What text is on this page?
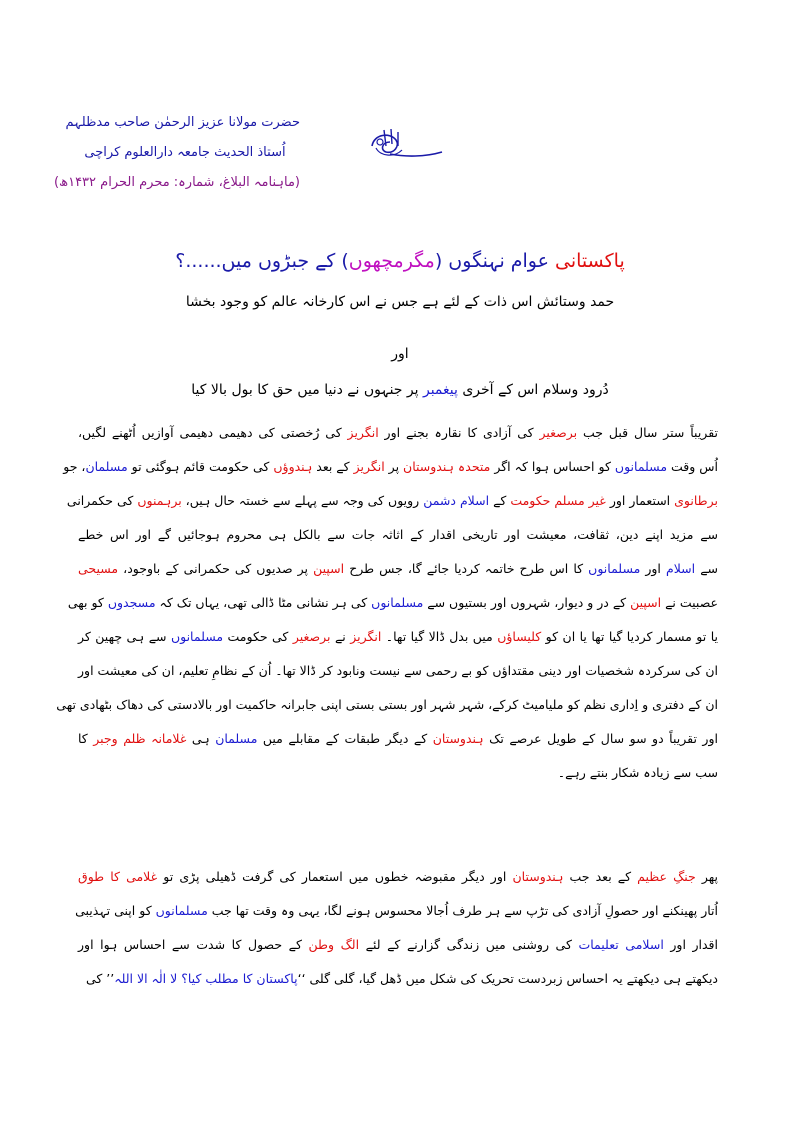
حضرت مولانا عزیز الرحمٰن صاحب مدظلہم
اُستاذ الحدیث جامعہ دارالعلوم کراچی
(ماہنامہ البلاغ، شمارہ: محرم الحرام ۱۴۳۲ھ)
پاکستانی عوام نہنگوں (مگرمچھوں) کے جبڑوں میں......؟
حمد وستائش اس ذات کے لئے ہے جس نے اس کارخانہ عالم کو وجود بخشا
اور
دُرود وسلام اس کے آخری پیغمبر پر جنہوں نے دنیا میں حق کا بول بالا کیا
تقریباً ستر سال قبل جب برصغیر کی آزادی کا نقارہ بجنے اور انگریز کی رُخصتی کی دھیمی دھیمی آوازیں اُٹھنے لگیں،
اُس وقت مسلمانوں کو احساس ہوا کہ اگر متحدہ ہندوستان پر انگریز کے بعد ہندوؤں کی حکومت قائم ہوگئی تو مسلمان، جو
برطانوی استعمار اور غیر مسلم حکومت کے اسلام دشمن رویوں کی وجہ سے پہلے سے خستہ حال ہیں، برہمنوں کی حکمرانی
سے مزید اپنے دین، ثقافت، معیشت اور تاریخی اقدار کے اثاثہ جات سے بالکل ہی محروم ہوجائیں گے اور اس خطے
سے اسلام اور مسلمانوں کا اس طرح خاتمہ کردیا جائے گا، جس طرح اسپین پر صدیوں کی حکمرانی کے باوجود، مسیحی
عصبیت نے اسپین کے در و دیوار، شہروں اور بستیوں سے مسلمانوں کی ہر نشانی مٹا ڈالی تھی، یہاں تک کہ مسجدوں کو بھی
یا تو مسمار کردیا گیا تھا یا ان کو کلیساؤں میں بدل ڈالا گیا تھا۔ انگریز نے برصغیر کی حکومت مسلمانوں سے ہی چھین کر
ان کی سرکردہ شخصیات اور دینی مقتداؤں کو بے رحمی سے نیست ونابود کر ڈالا تھا۔ اُن کے نظامِ تعلیم، ان کی معیشت اور
ان کے دفتری و اِداری نظم کو ملیامیٹ کرکے، شہر شہر اور بستی بستی اپنی جابرانہ حاکمیت اور بالادستی کی دھاک بٹھادی تھی
اور تقریباً دو سو سال کے طویل عرصے تک ہندوستان کے دیگر طبقات کے مقابلے میں مسلمان ہی غلامانہ ظلم وجبر کا
سب سے زیادہ شکار بنتے رہے۔
پھر جنگِ عظیم کے بعد جب ہندوستان اور دیگر مقبوضہ خطوں میں استعمار کی گرفت ڈھیلی پڑی تو غلامی کا طوق
اُتار پھینکنے اور حصولِ آزادی کی تڑپ سے ہر طرف اُجالا محسوس ہونے لگا، یہی وہ وقت تھا جب مسلمانوں کو اپنی تہذیبی
اقدار اور اسلامی تعلیمات کی روشنی میں زندگی گزارنے کے لئے الگ وطن کے حصول کا شدت سے احساس ہوا اور
دیکھتے ہی دیکھتے یہ احساس زبردست تحریک کی شکل میں ڈھل گیا، گلی گلی ‘‘پاکستان کا مطلب کیا؟ لا الٰہ الا اللہ’’ کی
